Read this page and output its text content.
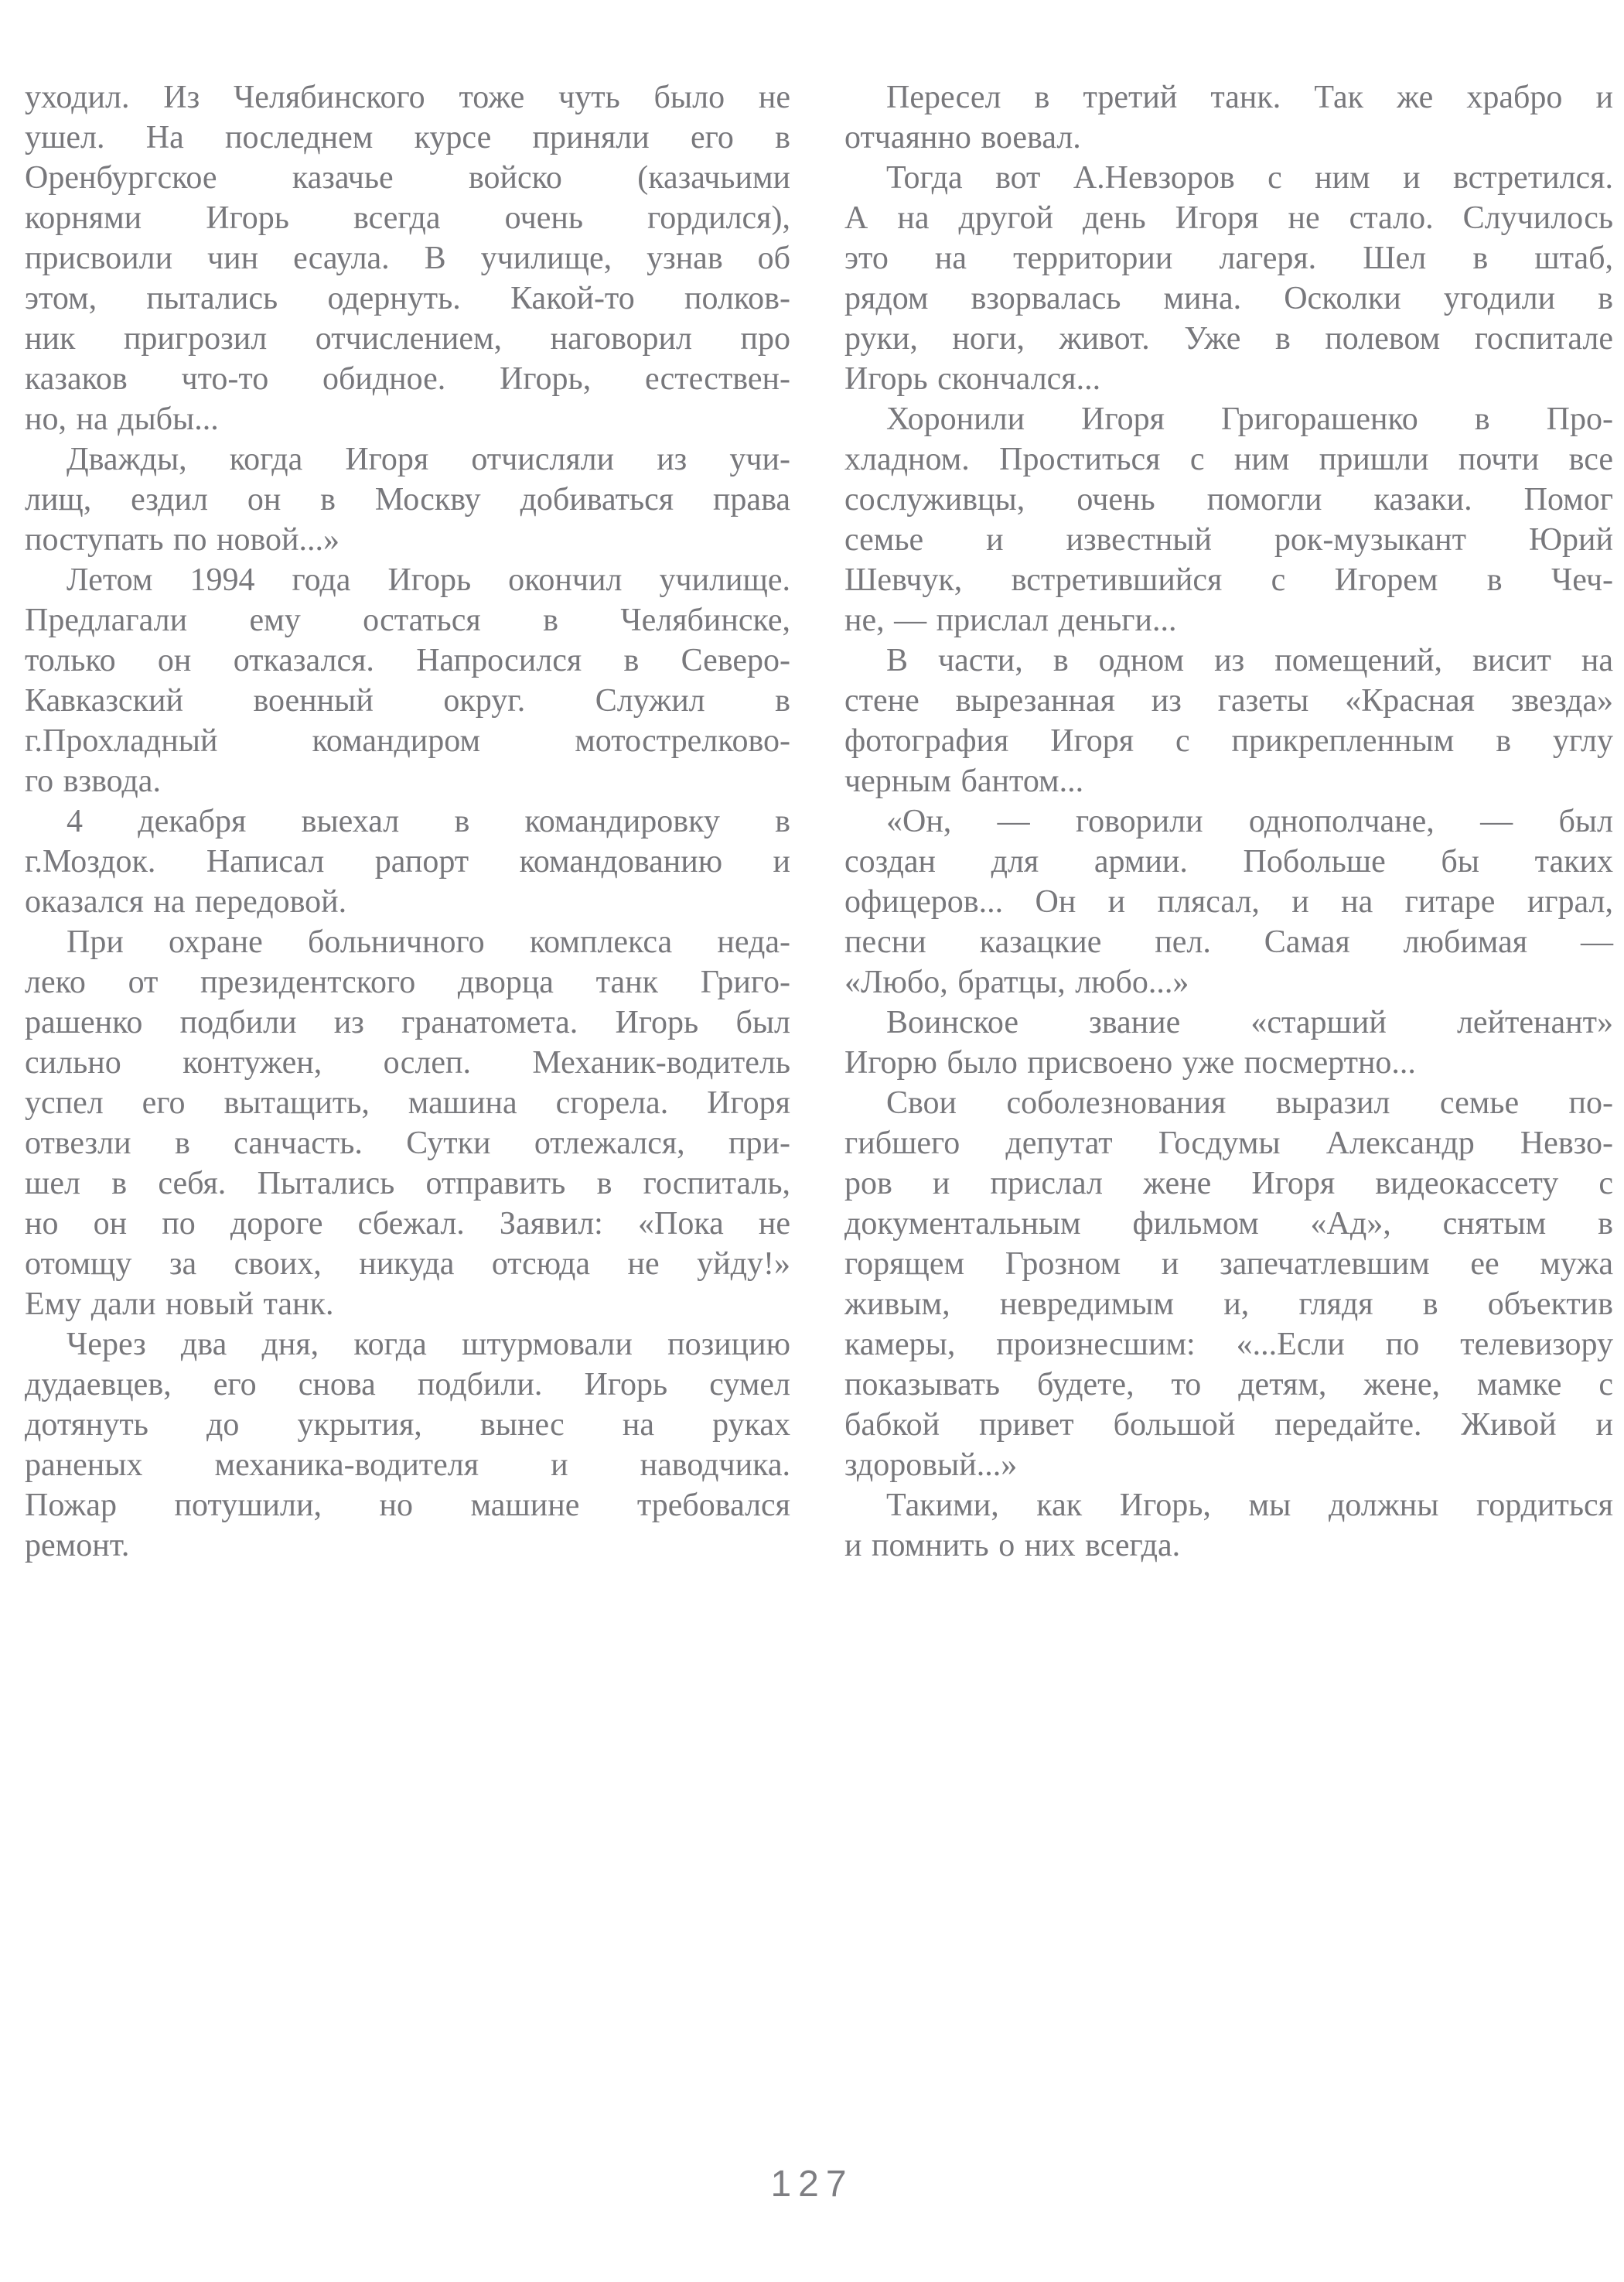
уходил. Из Челябинского тоже чуть было не
ушел. На последнем курсе приняли его в
Оренбургское казачье войско (казачьими
корнями Игорь всегда очень гордился),
присвоили чин есаула. В училище, узнав об
этом, пытались одернуть. Какой-то полков-
ник пригрозил отчислением, наговорил про
казаков что-то обидное. Игорь, естествен-
но, на дыбы...
Дважды, когда Игоря отчисляли из учи-
лищ, ездил он в Москву добиваться права
поступать по новой...»
Летом 1994 года Игорь окончил училище.
Предлагали ему остаться в Челябинске,
только он отказался. Напросился в Северо-
Кавказский военный округ. Служил в
г.Прохладный командиром мотострелково-
го взвода.
4 декабря выехал в командировку в
г.Моздок. Написал рапорт командованию и
оказался на передовой.
При охране больничного комплекса неда-
леко от президентского дворца танк Григо-
рашенко подбили из гранатомета. Игорь был
сильно контужен, ослеп. Механик-водитель
успел его вытащить, машина сгорела. Игоря
отвезли в санчасть. Сутки отлежался, при-
шел в себя. Пытались отправить в госпиталь,
но он по дороге сбежал. Заявил: «Пока не
отомщу за своих, никуда отсюда не уйду!»
Ему дали новый танк.
Через два дня, когда штурмовали позицию
дудаевцев, его снова подбили. Игорь сумел
дотянуть до укрытия, вынес на руках
раненых механика-водителя и наводчика.
Пожар потушили, но машине требовался
ремонт.
Пересел в третий танк. Так же храбро и
отчаянно воевал.
Тогда вот А.Невзоров с ним и встретился.
А на другой день Игоря не стало. Случилось
это на территории лагеря. Шел в штаб,
рядом взорвалась мина. Осколки угодили в
руки, ноги, живот. Уже в полевом госпитале
Игорь скончался...
Хоронили Игоря Григорашенко в Про-
хладном. Проститься с ним пришли почти все
сослуживцы, очень помогли казаки. Помог
семье и известный рок-музыкант Юрий
Шевчук, встретившийся с Игорем в Чеч-
не, — прислал деньги...
В части, в одном из помещений, висит на
стене вырезанная из газеты «Красная звезда»
фотография Игоря с прикрепленным в углу
черным бантом...
«Он, — говорили однополчане, — был
создан для армии. Побольше бы таких
офицеров... Он и плясал, и на гитаре играл,
песни казацкие пел. Самая любимая —
«Любо, братцы, любо...»
Воинское звание «старший лейтенант»
Игорю было присвоено уже посмертно...
Свои соболезнования выразил семье по-
гибшего депутат Госдумы Александр Невзо-
ров и прислал жене Игоря видеокассету с
документальным фильмом «Ад», снятым в
горящем Грозном и запечатлевшим ее мужа
живым, невредимым и, глядя в объектив
камеры, произнесшим: «...Если по телевизору
показывать будете, то детям, жене, мамке с
бабкой привет большой передайте. Живой и
здоровый...»
Такими, как Игорь, мы должны гордиться
и помнить о них всегда.
127
